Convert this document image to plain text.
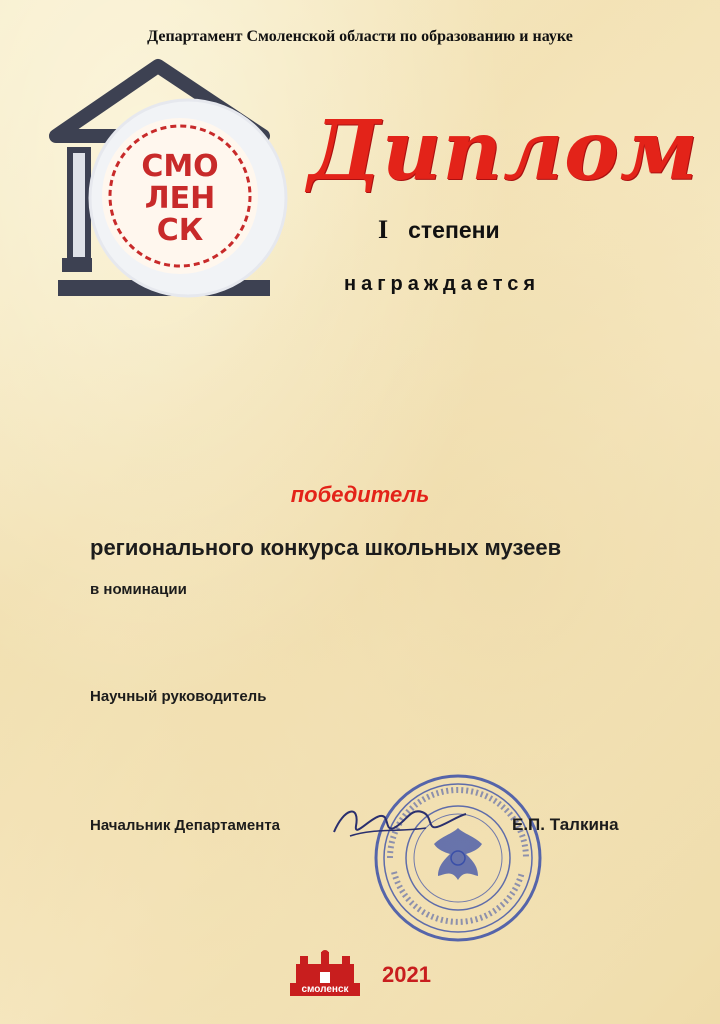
Департамент Смоленской области по образованию и науке
СМО
ЛЕН
СК
Диплом
I степени
награждается
победитель
регионального конкурса школьных музеев
в номинации
Научный руководитель
Начальник Департамента	Е.П. Талкина
смоленск
2021
